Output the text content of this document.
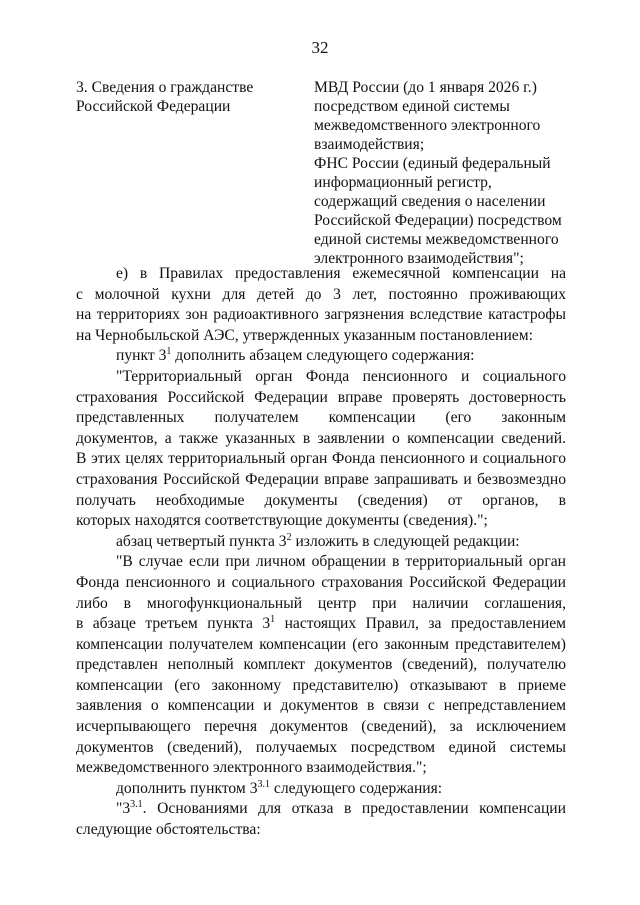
32
3. Сведения о гражданстве
Российской Федерации
МВД России (до 1 января 2026 г.)
посредством единой системы
межведомственного электронного
взаимодействия;
ФНС России (единый федеральный
информационный регистр,
содержащий сведения о населении
Российской Федерации) посредством
единой системы межведомственного
электронного взаимодействия";
е) в Правилах предоставления ежемесячной компенсации на
с молочной кухни для детей до 3 лет, постоянно проживающих
на территориях зон радиоактивного загрязнения вследствие катастрофы
на Чернобыльской АЭС, утвержденных указанным постановлением:
пункт $3^1$ дополнить абзацем следующего содержания:
"Территориальный орган Фонда пенсионного и социального
страхования Российской Федерации вправе проверять достоверность
представленных получателем компенсации (его законным
документов, а также указанных в заявлении о компенсации сведений.
В этих целях территориальный орган Фонда пенсионного и социального
страхования Российской Федерации вправе запрашивать и безвозмездно
получать необходимые документы (сведения) от органов, в
которых находятся соответствующие документы (сведения).";
абзац четвертый пункта $3^2$ изложить в следующей редакции:
"В случае если при личном обращении в территориальный орган
Фонда пенсионного и социального страхования Российской Федерации
либо в многофункциональный центр при наличии соглашения,
в абзаце третьем пункта $3^1$ настоящих Правил, за предоставлением
компенсации получателем компенсации (его законным представителем)
представлен неполный комплект документов (сведений), получателю
компенсации (его законному представителю) отказывают в приеме
заявления о компенсации и документов в связи с непредставлением
исчерпывающего перечня документов (сведений), за исключением
документов (сведений), получаемых посредством единой системы
межведомственного электронного взаимодействия.";
дополнить пунктом $3^{3.1}$ следующего содержания:
"$3^{3.1}$. Основаниями для отказа в предоставлении компенсации
следующие обстоятельства:
